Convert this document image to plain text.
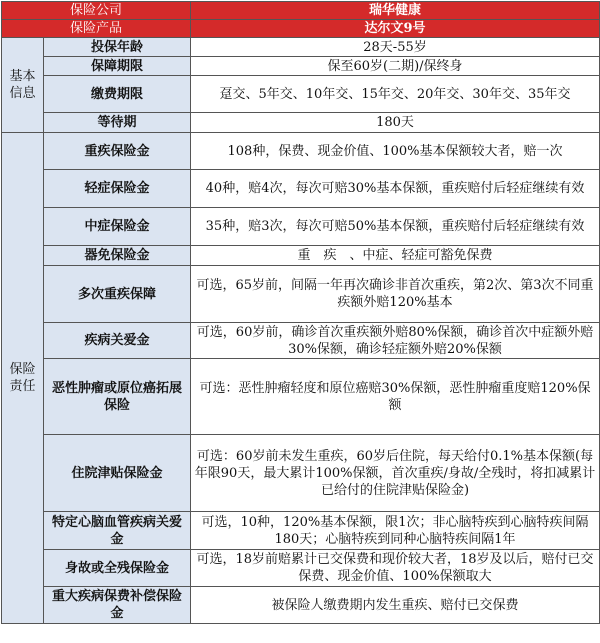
保险公司		瑞华健康
保险产品		达尔文9号
基本
信息	投保年龄	28天-55岁
	保障期限	保至60岁(二期)/保终身
	缴费期限	趸交、5年交、10年交、15年交、20年交、30年交、35年交
	等待期	180天
保险
责任	重疾保险金	108种，保费、现金价值、100%基本保额较大者，赔一次
	轻症保险金	40种，赔4次，每次可赔30%基本保额，重疾赔付后轻症继续有效
	中症保险金	35种，赔3次，每次可赔50%基本保额，重疾赔付后轻症继续有效
	器免保险金	重　疾　、中症、轻症可豁免保费
	多次重疾保障	可选，65岁前，间隔一年再次确诊非首次重疾，第2次、第3次不同重疾额外赔120%基本
	疾病关爱金	可选，60岁前，确诊首次重疾额外赔80%保额，确诊首次中症额外赔30%保额，确诊轻症额外赔20%保额
	恶性肿瘤或原位癌拓展保险	可选：恶性肿瘤轻度和原位癌赔30%保额，恶性肿瘤重度赔120%保额
	住院津贴保险金	可选：60岁前未发生重疾，60岁后住院，每天给付0.1%基本保额(每年限90天，最大累计100%保额，首次重疾/身故/全残时，将扣减累计已给付的住院津贴保险金)
	特定心脑血管疾病关爱金	可选，10种，120%基本保额，限1次；非心脑特疾到心脑特疾间隔180天；心脑特疾到同种心脑特疾间隔1年
	身故或全残保险金	可选，18岁前赔累计已交保费和现价较大者，18岁及以后，赔付已交保费、现金价值、100%保额取大
	重大疾病保费补偿保险金	被保险人缴费期内发生重疾、赔付已交保费
